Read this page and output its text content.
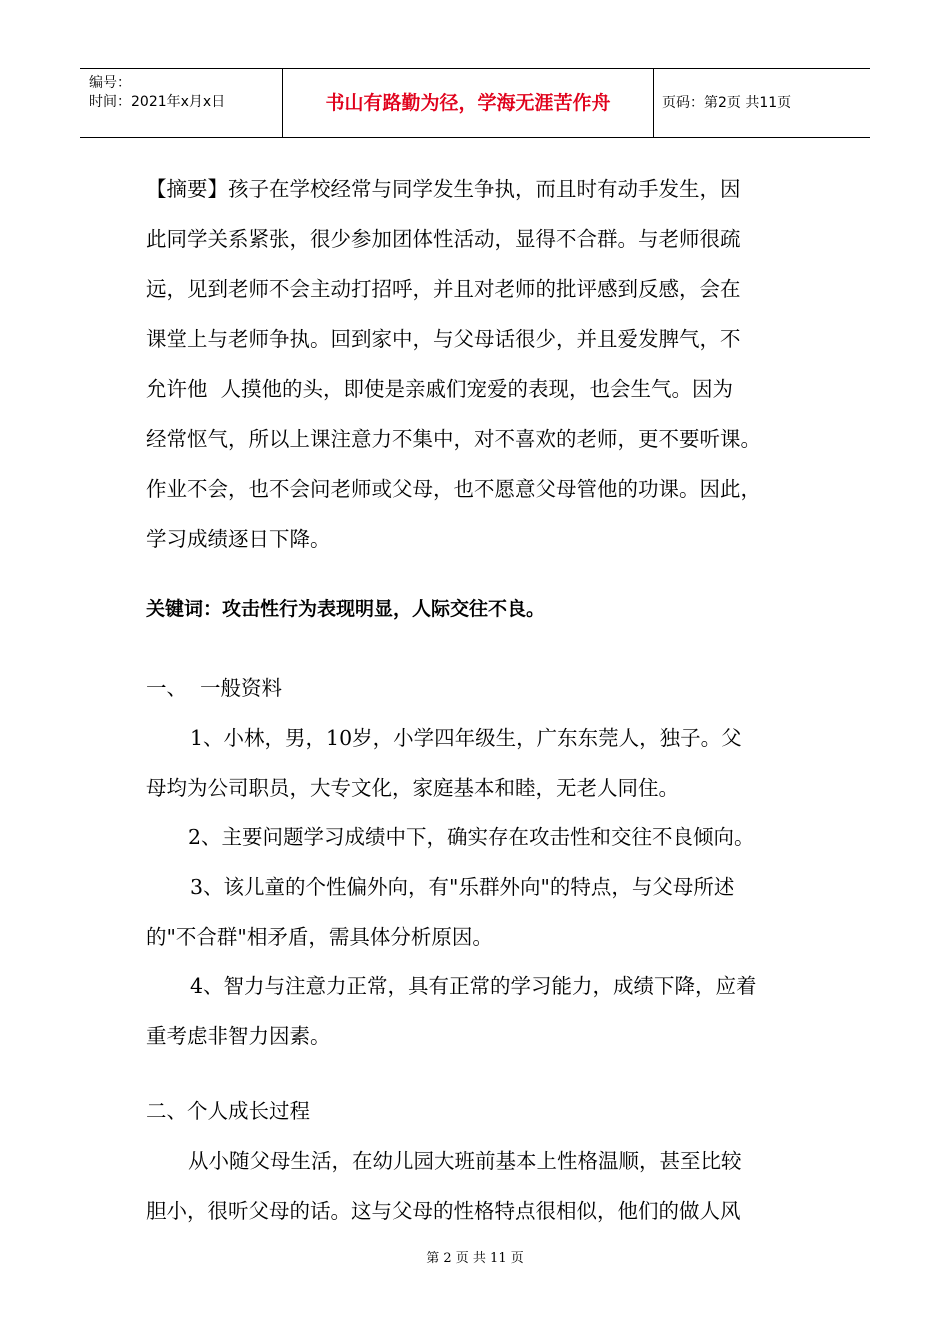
编号：
时间：2021年x月x日	书山有路勤为径，学海无涯苦作舟	页码：第2页 共11页
【摘要】孩子在学校经常与同学发生争执，而且时有动手发生，因
此同学关系紧张，很少参加团体性活动，显得不合群。与老师很疏
远，见到老师不会主动打招呼，并且对老师的批评感到反感，会在
课堂上与老师争执。回到家中，与父母话很少，并且爱发脾气，不
允许他  人摸他的头，即使是亲戚们宠爱的表现，也会生气。因为
经常怄气，所以上课注意力不集中，对不喜欢的老师，更不要听课。
作业不会，也不会问老师或父母，也不愿意父母管他的功课。因此，
学习成绩逐日下降。
关键词：攻击性行为表现明显，人际交往不良。
一、  一般资料
1、小林，男，10岁，小学四年级生，广东东莞人，独子。父
母均为公司职员，大专文化，家庭基本和睦，无老人同住。
2、主要问题学习成绩中下，确实存在攻击性和交往不良倾向。
3、该儿童的个性偏外向，有"乐群外向"的特点，与父母所述
的"不合群"相矛盾，需具体分析原因。
4、智力与注意力正常，具有正常的学习能力，成绩下降，应着
重考虑非智力因素。
二、个人成长过程
从小随父母生活，在幼儿园大班前基本上性格温顺，甚至比较
胆小，很听父母的话。这与父母的性格特点很相似，他们的做人风
第 2 页 共 11 页
